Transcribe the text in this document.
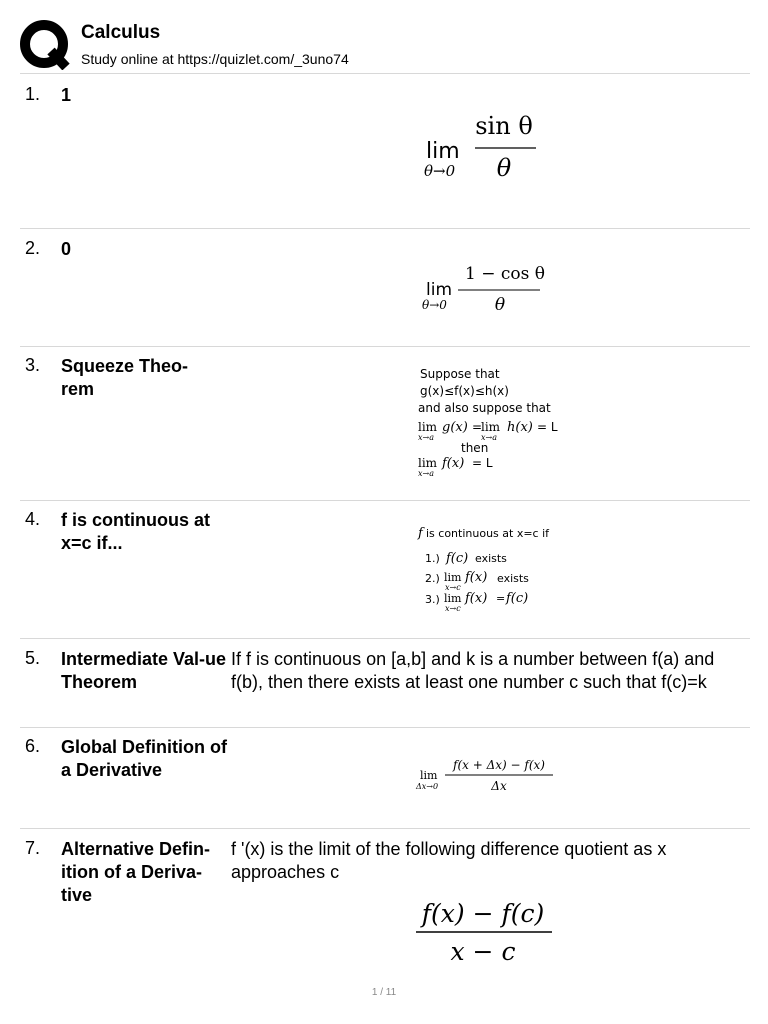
Calculus
Study online at https://quizlet.com/_3uno74
1. 1
lim
θ→0
sin θ
θ
2. 0
lim
θ→0
1 − cos θ
θ
3. Squeeze Theo-rem
Suppose that
g(x)≤f(x)≤h(x)
and also suppose that
lim
x→a
g(x) =
lim
x→a
h(x) = L
then
lim
x→a
f(x) = L
4. f is continuous at x=c if...	f is continuous at x=c if
1.) f(c) exists
2.) lim
x→c
f(x) exists
3.) lim
x→c
f(x) = f(c)
5. Intermediate Val-ue Theorem
If f is continuous on [a,b] and k is a number between f(a) and f(b), then there exists at least one number c such that f(c)=k
6. Global Definition of a Derivative	lim
Δx→0
f(x + Δx) − f(x)
Δx
7. Alternative Defin-ition of a Deriva-tive
f '(x) is the limit of the following difference quotient as x approaches c
f(x) − f(c)
x − c
1 / 11
